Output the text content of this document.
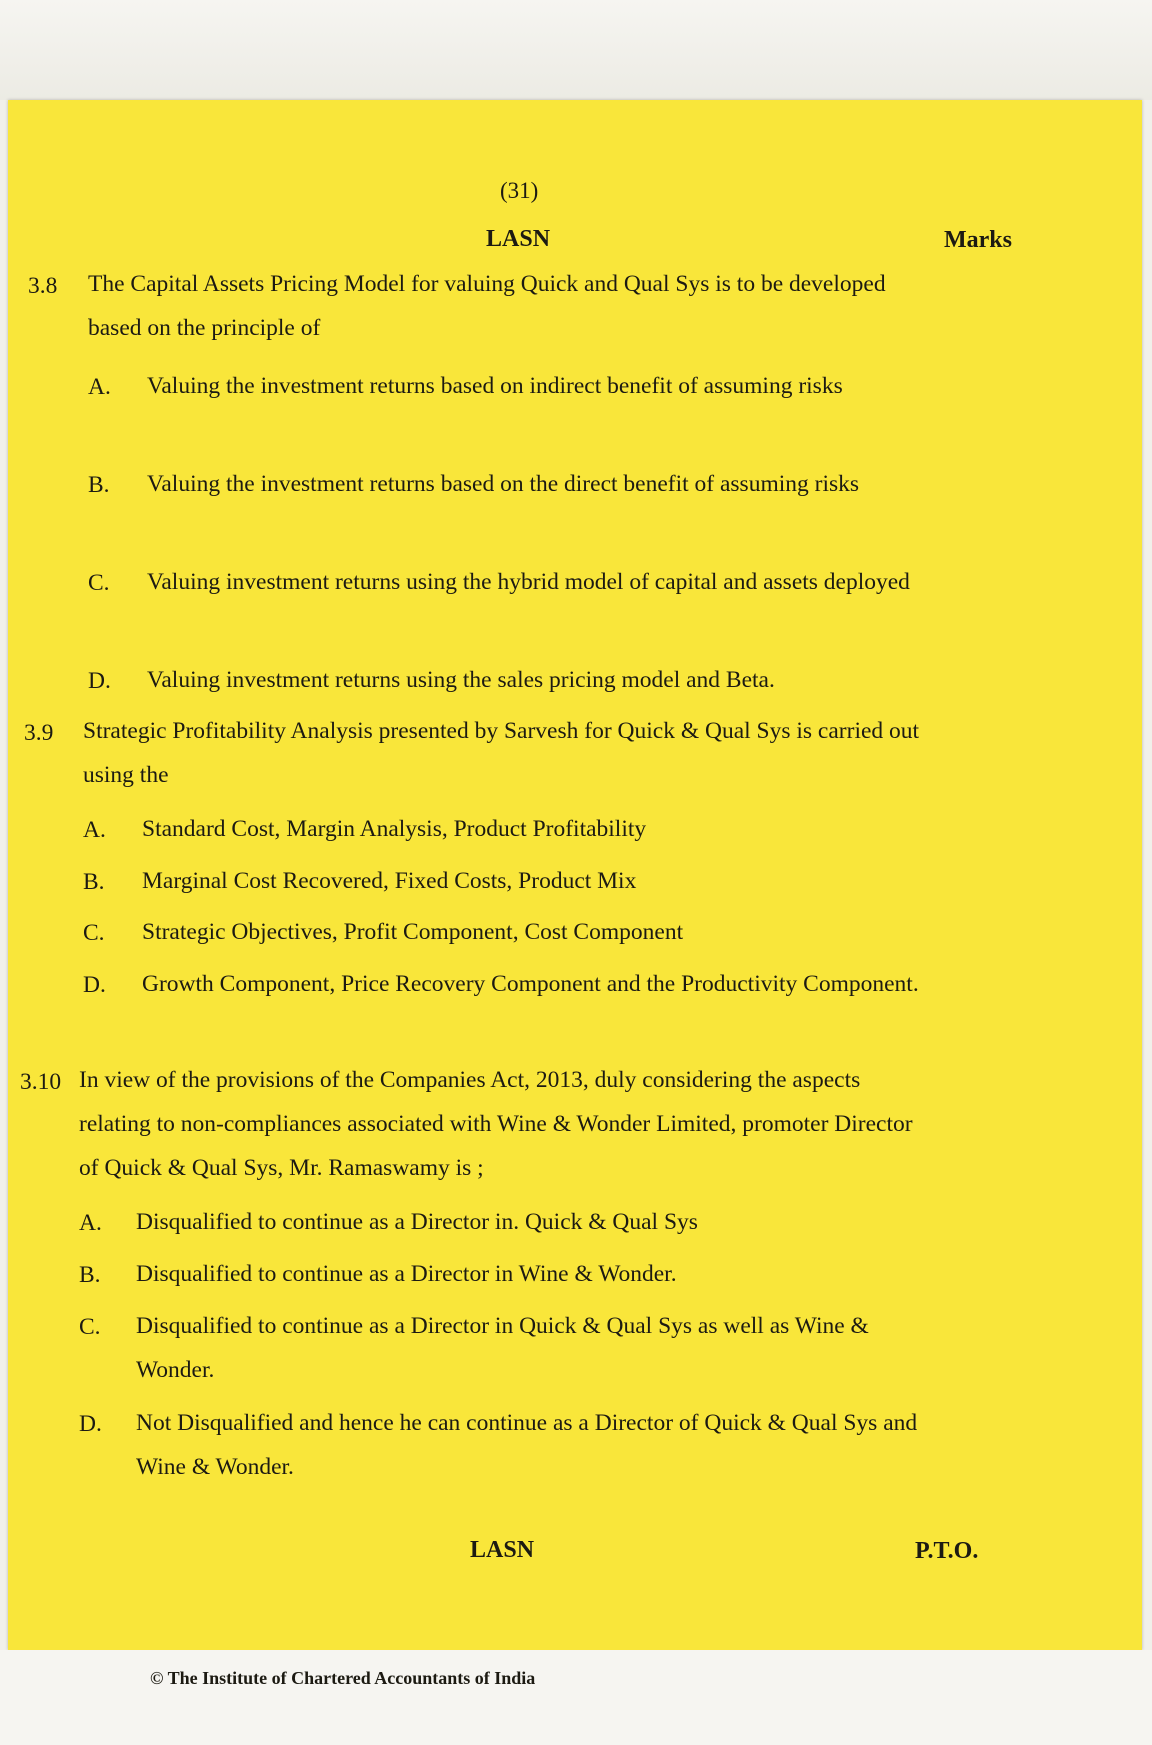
(31)
LASN	Marks
3.8 The Capital Assets Pricing Model for valuing Quick and Qual Sys is to be developed based on the principle of
A. Valuing the investment returns based on indirect benefit of assuming risks
B. Valuing the investment returns based on the direct benefit of assuming risks
C. Valuing investment returns using the hybrid model of capital and assets deployed
D. Valuing investment returns using the sales pricing model and Beta.
3.9 Strategic Profitability Analysis presented by Sarvesh for Quick & Qual Sys is carried out using the
A. Standard Cost, Margin Analysis, Product Profitability
B. Marginal Cost Recovered, Fixed Costs, Product Mix
C. Strategic Objectives, Profit Component, Cost Component
D. Growth Component, Price Recovery Component and the Productivity Component.
3.10 In view of the provisions of the Companies Act, 2013, duly considering the aspects relating to non-compliances associated with Wine & Wonder Limited, promoter Director of Quick & Qual Sys, Mr. Ramaswamy is ;
A. Disqualified to continue as a Director in. Quick & Qual Sys
B. Disqualified to continue as a Director in Wine & Wonder.
C. Disqualified to continue as a Director in Quick & Qual Sys as well as Wine & Wonder.
D. Not Disqualified and hence he can continue as a Director of Quick & Qual Sys and Wine & Wonder.
LASN	P.T.O.
© The Institute of Chartered Accountants of India
